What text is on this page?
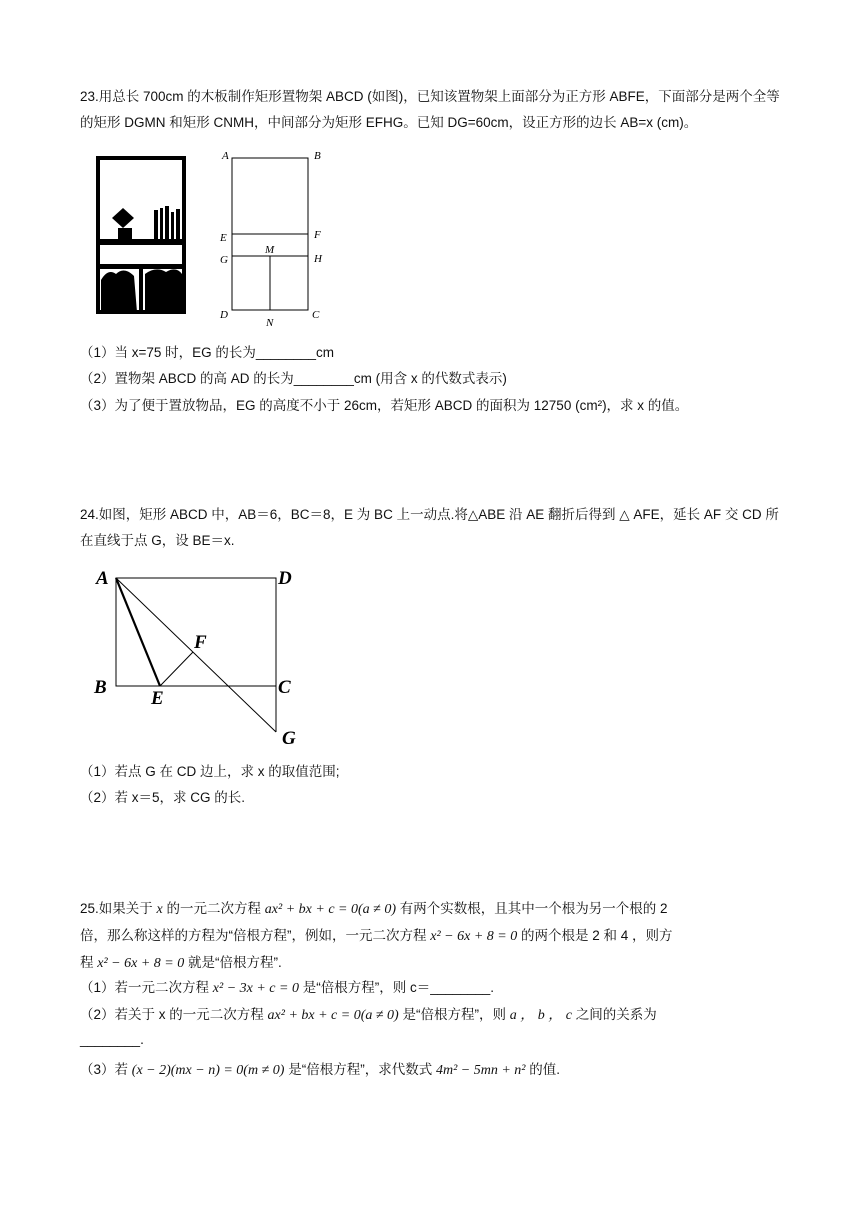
23.用总长 700cm 的木板制作矩形置物架 ABCD (如图)，已知该置物架上面部分为正方形 ABFE，下面部分是两个全等的矩形 DGMN 和矩形 CNMH，中间部分为矩形 EFHG。已知 DG=60cm，设正方形的边长 AB=x (cm)。

A	B
E	F
G	H
M
D
N
C

（1）当 x=75 时，EG 的长为________cm

（2）置物架 ABCD 的高 AD 的长为________cm (用含 x 的代数式表示)

（3）为了便于置放物品，EG 的高度不小于 26cm，若矩形 ABCD 的面积为 12750 (cm²)，求 x 的值。

24.如图，矩形 ABCD 中，AB＝6，BC＝8，E 为 BC 上一动点.将△ABE 沿 AE 翻折后得到 △ AFE，延长 AF 交 CD 所在直线于点 G，设 BE＝x.

A	D
F
B
E
C
G

（1）若点 G 在 CD 边上，求 x 的取值范围;

（2）若 x＝5，求 CG 的长.

25.如果关于 x 的一元二次方程 ax² + bx + c = 0(a ≠ 0) 有两个实数根，且其中一个根为另一个根的 2
倍，那么称这样的方程为“倍根方程”，例如，一元二次方程 x² − 6x + 8 = 0 的两个根是 2 和 4 ，则方
程 x² − 6x + 8 = 0 就是“倍根方程”.

（1）若一元二次方程 x² − 3x + c = 0 是“倍根方程”，则 c＝________.

（2）若关于 x 的一元二次方程 ax² + bx + c = 0(a ≠ 0) 是“倍根方程”，则 a ， b ， c 之间的关系为
________.

（3）若 (x − 2)(mx − n) = 0(m ≠ 0) 是“倍根方程”，求代数式 4m² − 5mn + n² 的值.
